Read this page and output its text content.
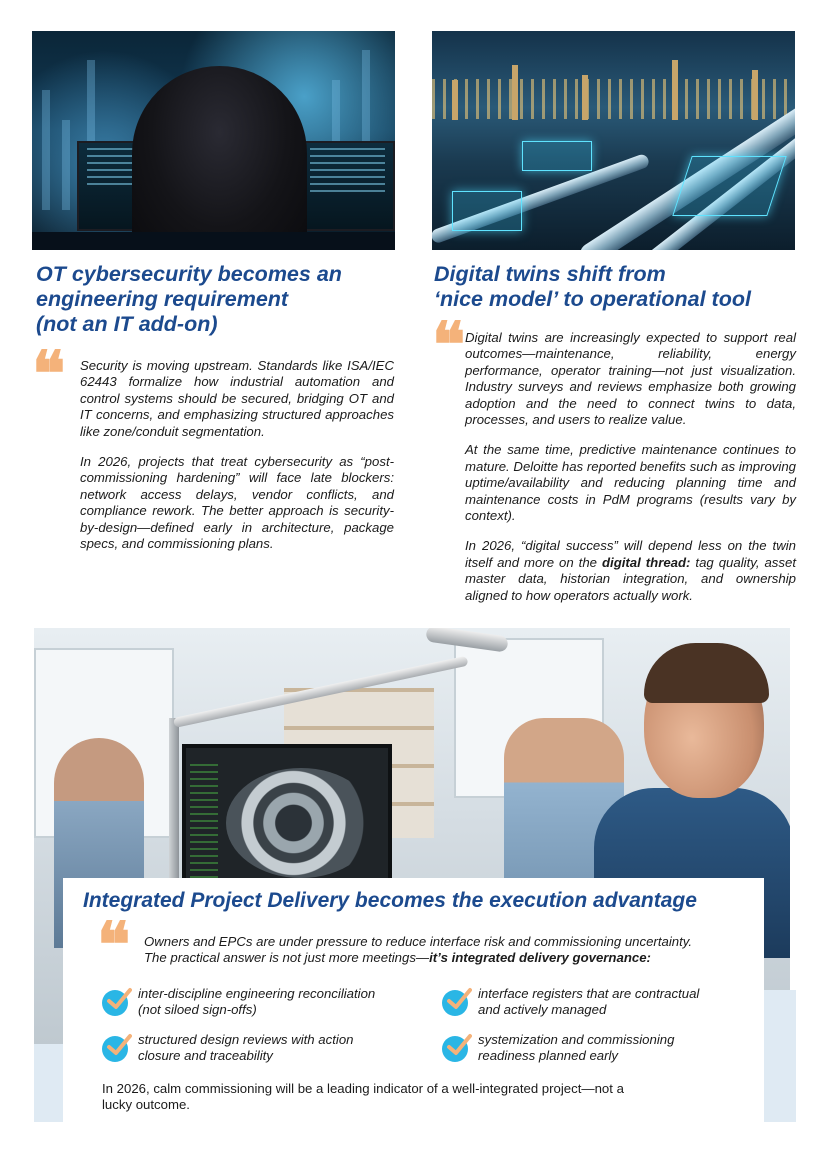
OT cybersecurity becomes an
engineering requirement
(not an IT add-on)
❝ Security is moving upstream. Standards like ISA/IEC 62443 formalize how industrial automation and control systems should be secured, bridging OT and IT concerns, and emphasizing structured approaches like zone/conduit segmentation.

In 2026, projects that treat cybersecurity as “post-commissioning hardening” will face late blockers: network access delays, vendor conflicts, and compliance rework. The better approach is security-by-design—defined early in architecture, package specs, and commissioning plans.

Digital twins shift from
‘nice model’ to operational tool
❝ Digital twins are increasingly expected to support real outcomes—maintenance, reliability, energy performance, operator training—not just visualization. Industry surveys and reviews emphasize both growing adoption and the need to connect twins to data, processes, and users to realize value.

At the same time, predictive maintenance continues to mature. Deloitte has reported benefits such as improving uptime/availability and reducing planning time and maintenance costs in PdM programs (results vary by context).

In 2026, “digital success” will depend less on the twin itself and more on the digital thread: tag quality, asset master data, historian integration, and ownership aligned to how operators actually work.

Integrated Project Delivery becomes the execution advantage
❝ Owners and EPCs are under pressure to reduce interface risk and commissioning uncertainty.
The practical answer is not just more meetings—it’s integrated delivery governance:
inter-discipline engineering reconciliation
(not siloed sign-offs)
interface registers that are contractual
and actively managed
structured design reviews with action
closure and traceability
systemization and commissioning
readiness planned early
In 2026, calm commissioning will be a leading indicator of a well-integrated project—not a
lucky outcome.
